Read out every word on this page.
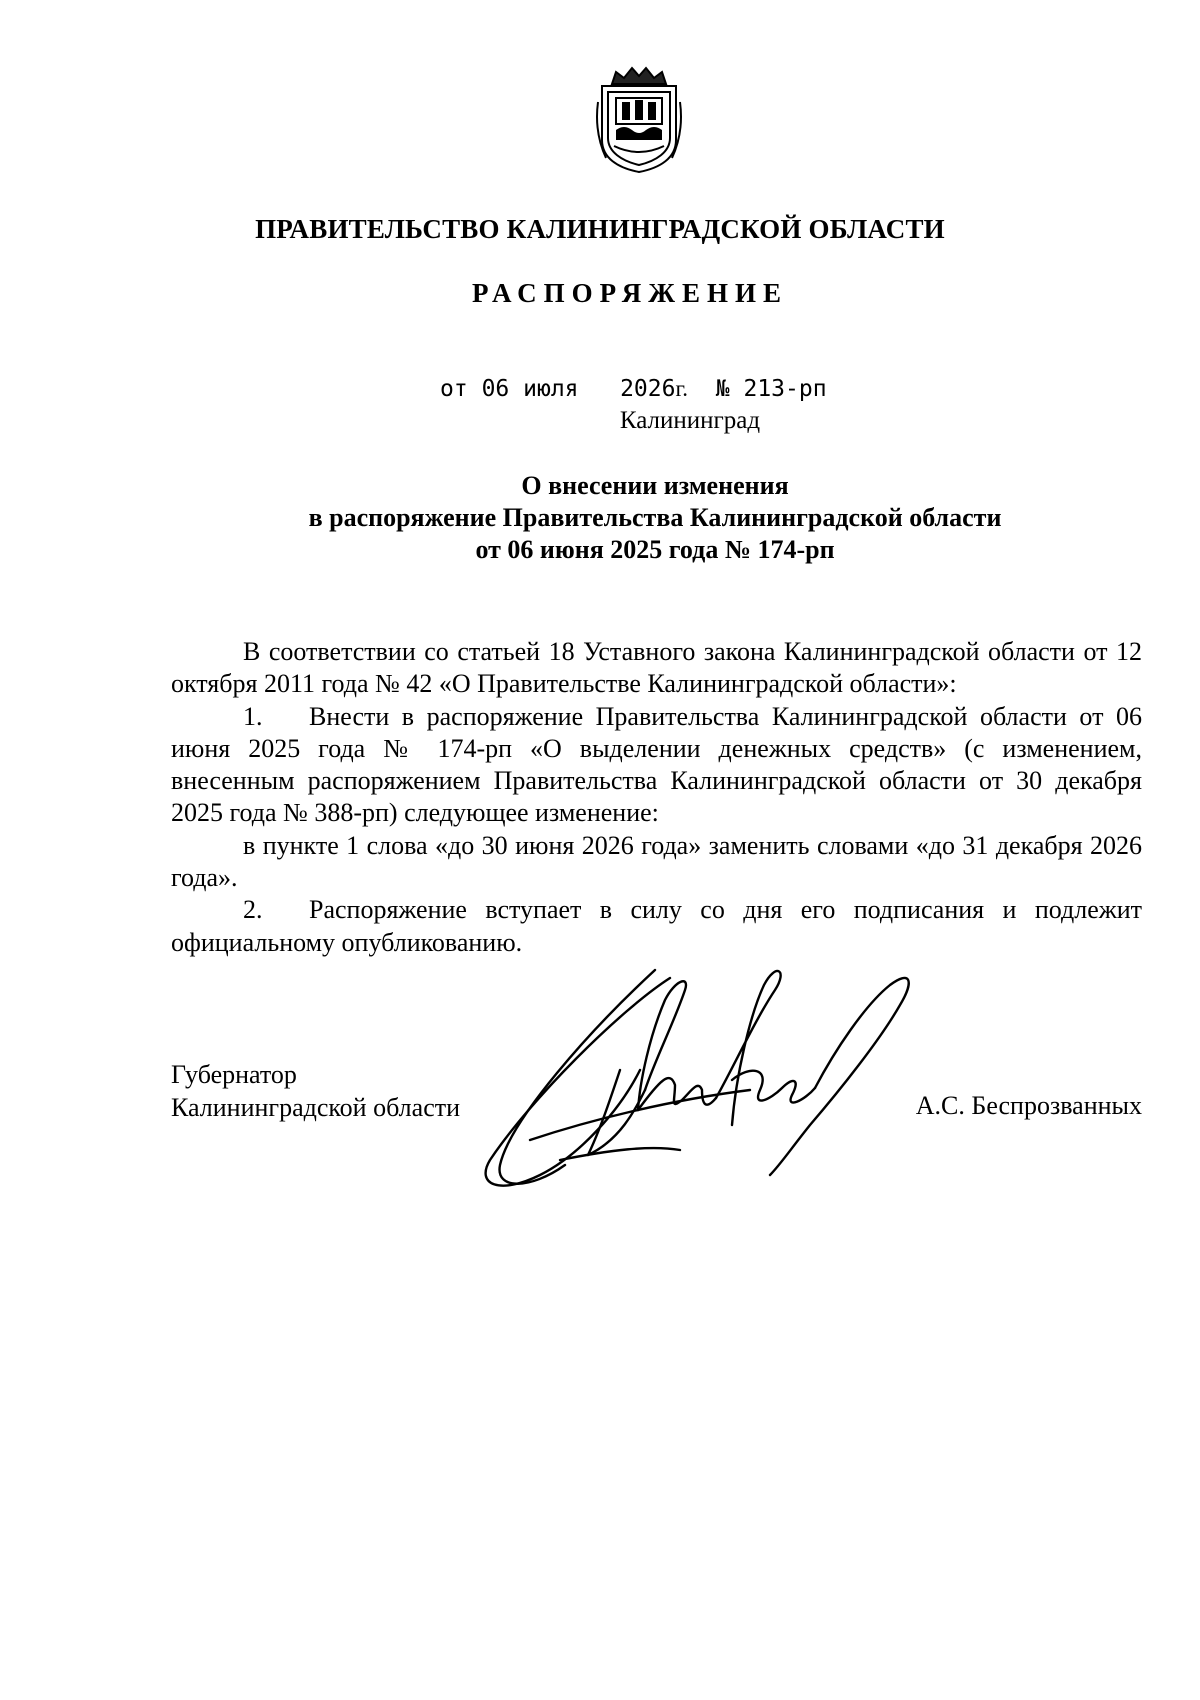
ПРАВИТЕЛЬСТВО КАЛИНИНГРАДСКОЙ ОБЛАСТИ
РАСПОРЯЖЕНИЕ
от 06 июля 2026г. № 213-рп
Калининград
О внесении изменения
в распоряжение Правительства Калининградской области
от 06 июня 2025 года № 174-рп

В соответствии со статьей 18 Уставного закона Калининградской области от 12 октября 2011 года № 42 «О Правительстве Калининградской области»:

1. Внести в распоряжение Правительства Калининградской области от 06 июня 2025 года № 174-рп «О выделении денежных средств» (с изменением, внесенным распоряжением Правительства Калининградской области от 30 декабря 2025 года № 388-рп) следующее изменение:

в пункте 1 слова «до 30 июня 2026 года» заменить словами «до 31 декабря 2026 года».

2. Распоряжение вступает в силу со дня его подписания и подлежит официальному опубликованию.

Губернатор
Калининградской области	А.С. Беспрозванных
